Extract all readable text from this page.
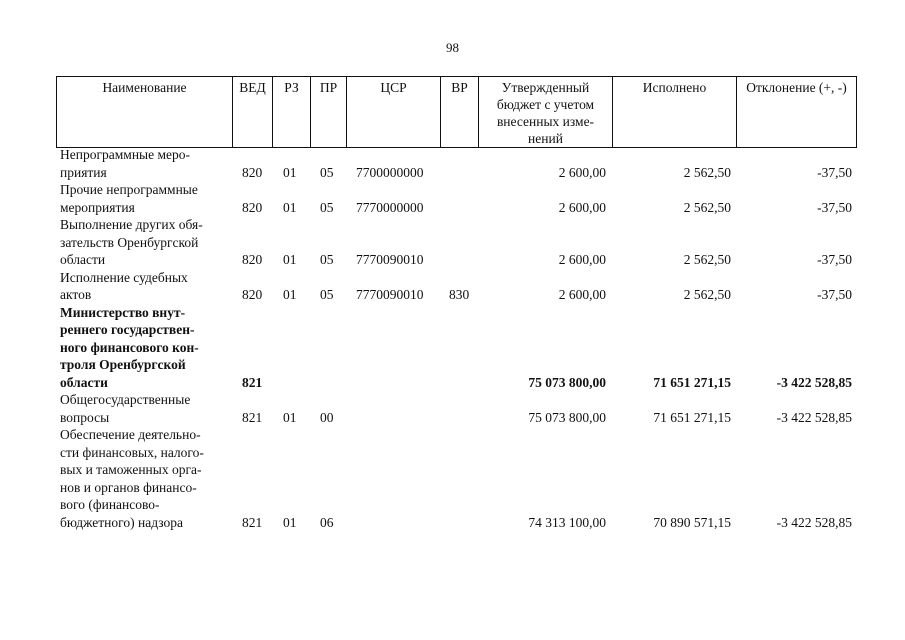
98
Наименование	ВЕД	РЗ	ПР	ЦСР	ВР	Утвержденный бюджет с учетом внесенных изме-нений	Исполнено	Отклонение (+, -)
Непрограммные меро-
приятия	820 01 05 7700000000	2 600,00	2 562,50	-37,50
Прочие непрограммные
мероприятия	820 01 05 7770000000	2 600,00	2 562,50	-37,50
Выполнение других обя-
зательств Оренбургской
области	820 01 05 7770090010	2 600,00	2 562,50	-37,50
Исполнение судебных
актов	820 01 05 7770090010 830	2 600,00	2 562,50	-37,50
Министерство внут-
реннего государствен-
ного финансового кон-
троля Оренбургской
области	821	75 073 800,00	71 651 271,15	-3 422 528,85
Общегосударственные
вопросы	821 01 00	75 073 800,00	71 651 271,15	-3 422 528,85
Обеспечение деятельно-
сти финансовых, налого-
вых и таможенных орга-
нов и органов финансо-
вого (финансово-
бюджетного) надзора	821 01 06	74 313 100,00	70 890 571,15	-3 422 528,85
